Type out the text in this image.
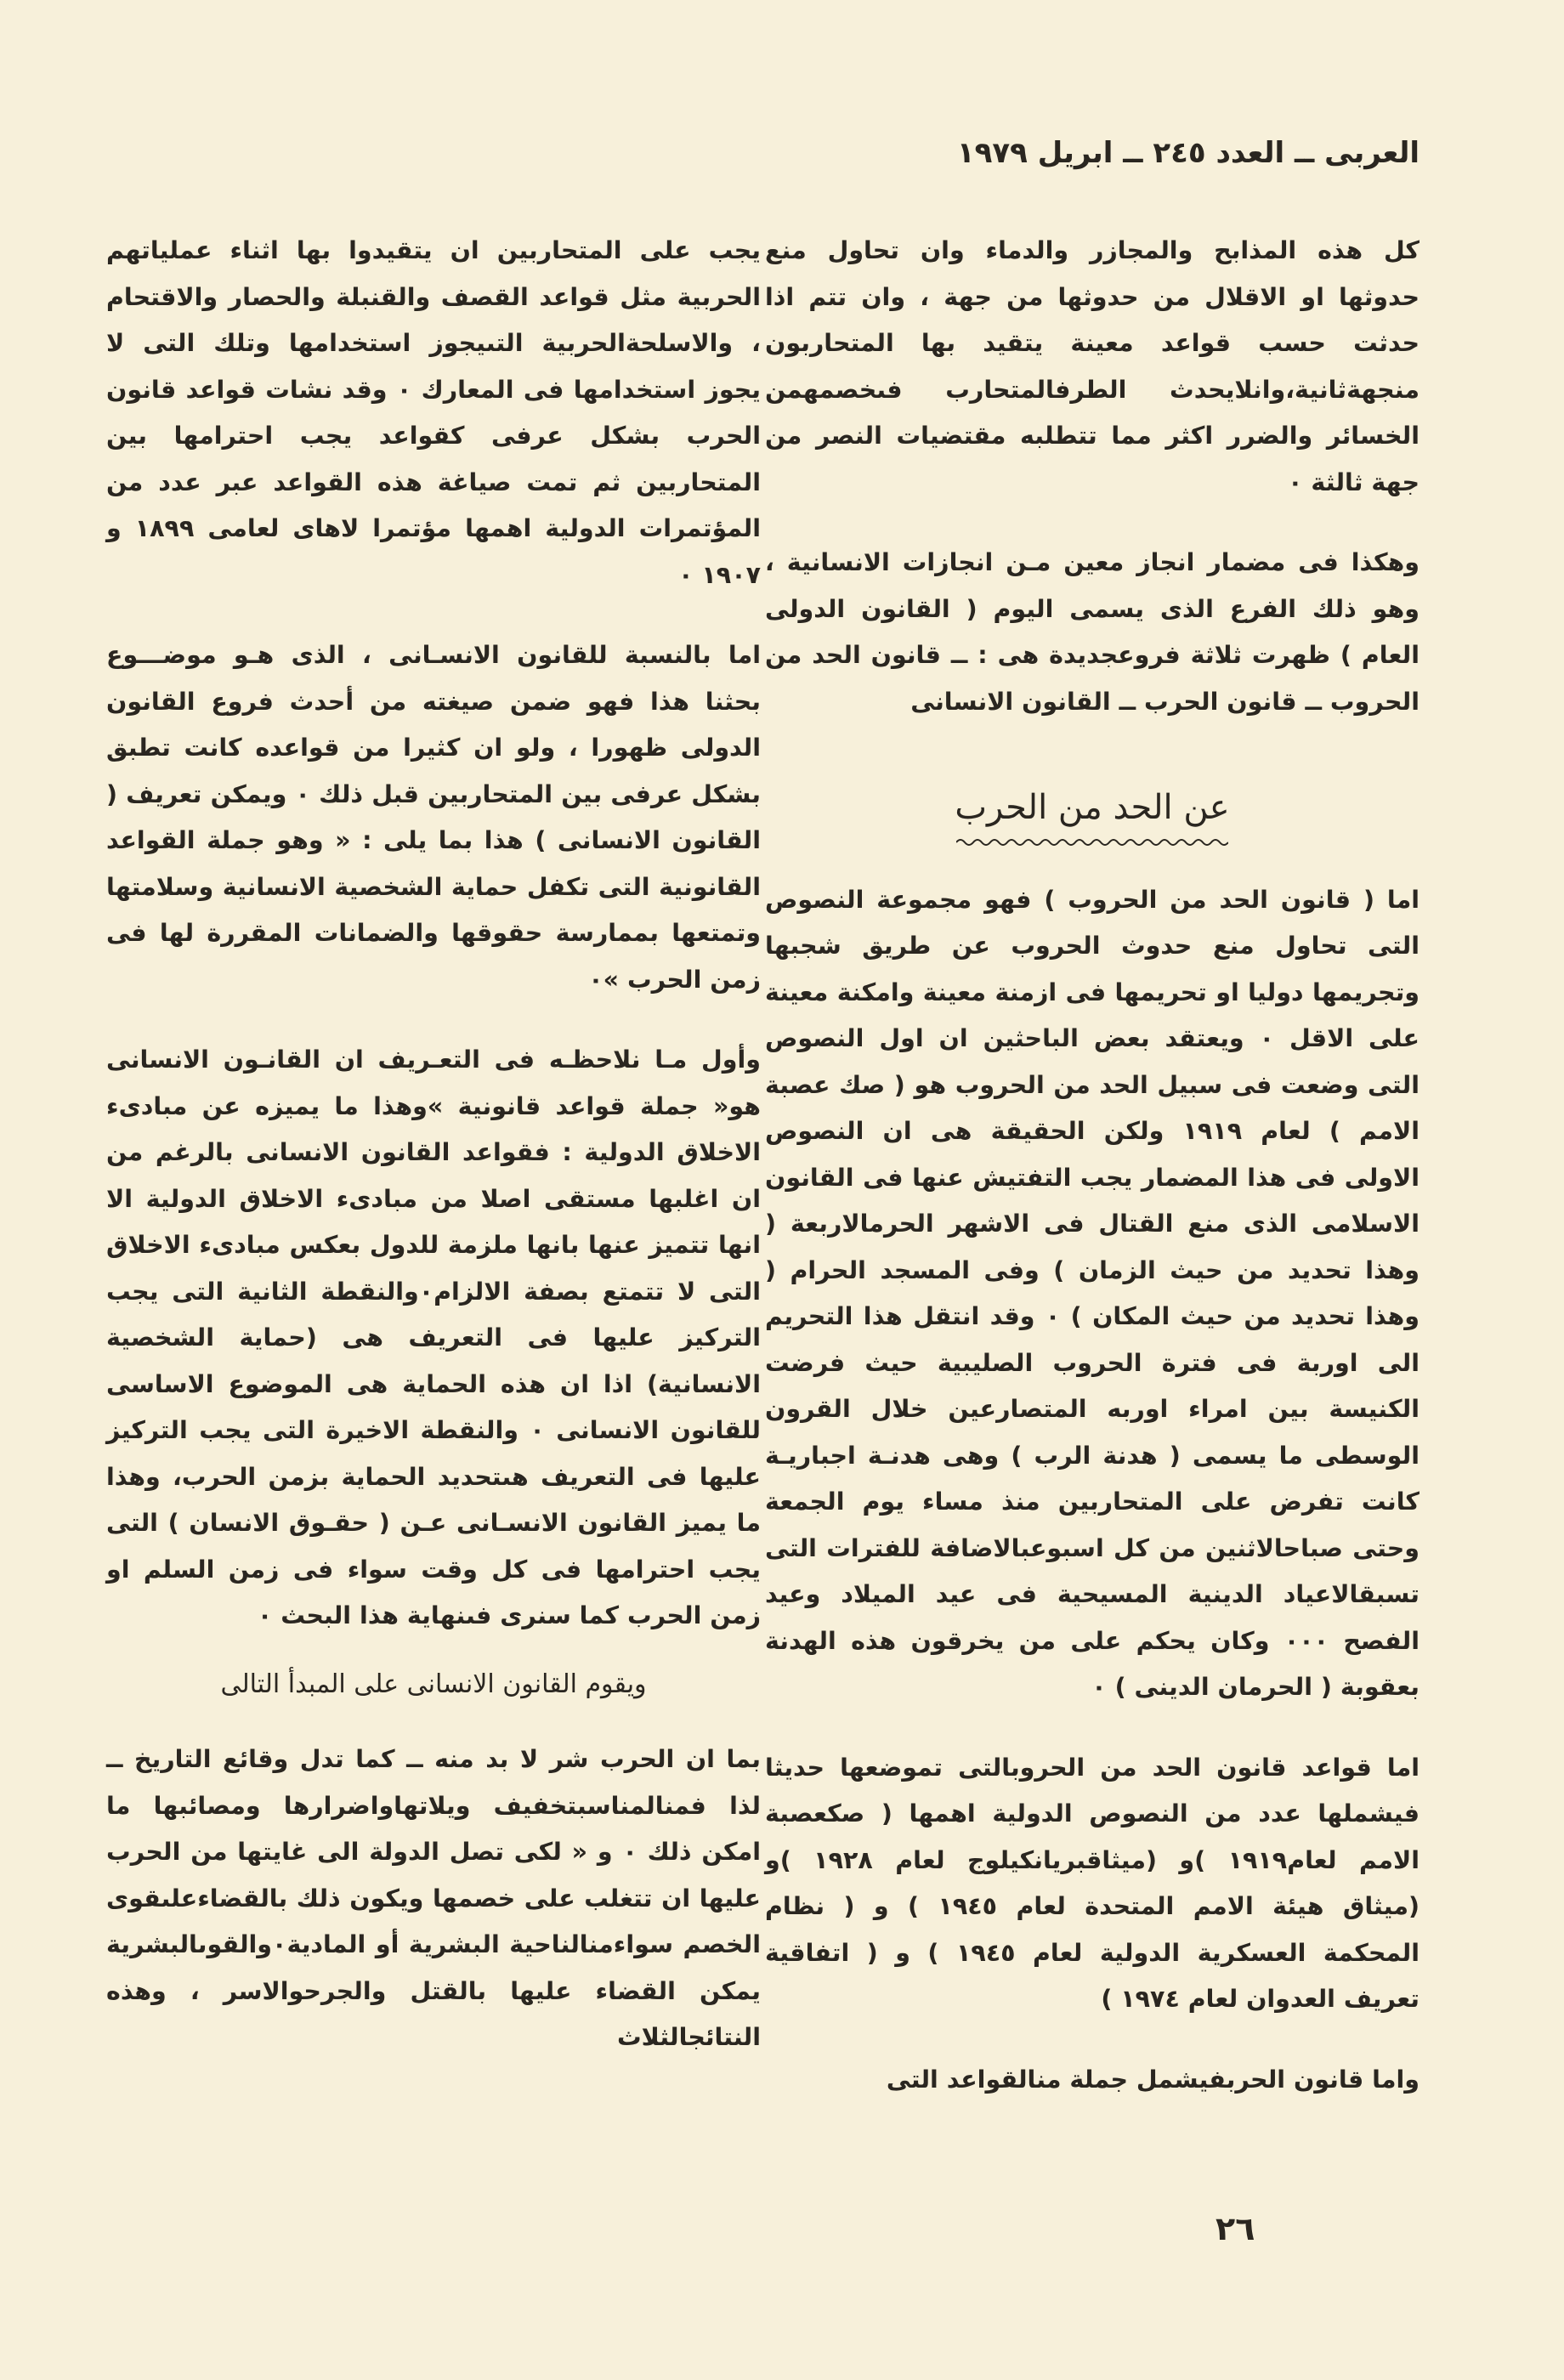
العربى ــ العدد ٢٤٥ ــ ابريل ١٩٧٩

كل هذه المذابح والمجازر والدماء وان تحاول منع حدوثها او الاقلال من حدوثها من جهة ، وان تتم اذا حدثت حسب قواعد معينة يتقيد بها المتحاربون منجهةثانية،وانلايحدث الطرفالمتحارب فىخصمهمن الخسائر والضرر اكثر مما تتطلبه مقتضيات النصر من جهة ثالثة ٠

وهكذا فى مضمار انجاز معين مـن انجازات الانسانية ، وهو ذلك الفرع الذى يسمى اليوم ( القانون الدولى العام ) ظهرت ثلاثة فروعجديدة هى : ــ قانون الحد من الحروب ــ قانون الحرب ــ القانون الانسانى

عن الحد من الحرب

اما ( قانون الحد من الحروب ) فهو مجموعة النصوص التى تحاول منع حدوث الحروب عن طريق شجبها وتجريمها دوليا او تحريمها فى ازمنة معينة وامكنة معينة على الاقل ٠ ويعتقد بعض الباحثين ان اول النصوص التى وضعت فى سبيل الحد من الحروب هو ( صك عصبة الامم ) لعام ١٩١٩ ولكن الحقيقة هى ان النصوص الاولى فى هذا المضمار يجب التفتيش عنها فى القانون الاسلامى الذى منع القتال فى الاشهر الحرمالاربعة ( وهذا تحديد من حيث الزمان ) وفى المسجد الحرام ( وهذا تحديد من حيث المكان ) ٠ وقد انتقل هذا التحريم الى اوربة فى فترة الحروب الصليبية حيث فرضت الكنيسة بين امراء اوربه المتصارعين خلال القرون الوسطى ما يسمى ( هدنة الرب ) وهى هدنـة اجباريـة كانت تفرض على المتحاربين منذ مساء يوم الجمعة وحتى صباحالاثنين من كل اسبوعبالاضافة للفترات التى تسبقالاعياد الدينية المسيحية فى عيد الميلاد وعيد الفصح ٠٠٠ وكان يحكم على من يخرقون هذه الهدنة بعقوبة ( الحرمان الدينى ) ٠

اما قواعد قانون الحد من الحروبالتى تموضعها حديثا فيشملها عدد من النصوص الدولية اهمها ( صكعصبة الامم لعام١٩١٩ )و (ميثاقبريانكيلوج لعام ١٩٢٨ )و (ميثاق هيئة الامم المتحدة لعام ١٩٤٥ ) و ( نظام المحكمة العسكرية الدولية لعام ١٩٤٥ ) و ( اتفاقية تعريف العدوان لعام ١٩٧٤ )

واما قانون الحربفيشمل جملة منالقواعد التى

يجب على المتحاربين ان يتقيدوا بها اثناء عملياتهم الحربية مثل قواعد القصف والقنبلة والحصار والاقتحام ، والاسلحةالحربية التىيجوز استخدامها وتلك التى لا يجوز استخدامها فى المعارك ٠ وقد نشات قواعد قانون الحرب بشكل عرفى كقواعد يجب احترامها بين المتحاربين ثم تمت صياغة هذه القواعد عبر عدد من المؤتمرات الدولية اهمها مؤتمرا لاهاى لعامى ١٨٩٩ و ١٩٠٧ ٠

اما بالنسبة للقانون الانسـانى ، الذى هـو موضـــوع بحثنا هذا فهو ضمن صيغته من أحدث فروع القانون الدولى ظهورا ، ولو ان كثيرا من قواعده كانت تطبق بشكل عرفى بين المتحاربين قبل ذلك ٠ ويمكن تعريف ( القانون الانسانى ) هذا بما يلى : « وهو جملة القواعد القانونية التى تكفل حماية الشخصية الانسانية وسلامتها وتمتعها بممارسة حقوقها والضمانات المقررة لها فى زمن الحرب »٠

وأول مـا نلاحظـه فى التعـريف ان القانـون الانسانى هو« جملة قواعد قانونية »وهذا ما يميزه عن مبادىء الاخلاق الدولية : فقواعد القانون الانسانى بالرغم من ان اغلبها مستقى اصلا من مبادىء الاخلاق الدولية الا انها تتميز عنها بانها ملزمة للدول بعكس مبادىء الاخلاق التى لا تتمتع بصفة الالزام٠والنقطة الثانية التى يجب التركيز عليها فى التعريف هى (حماية الشخصية الانسانية) اذا ان هذه الحماية هى الموضوع الاساسى للقانون الانسانى ٠ والنقطة الاخيرة التى يجب التركيز عليها فى التعريف هىتحديد الحماية بزمن الحرب، وهذا ما يميز القانون الانسـانى عـن ( حقـوق الانسان ) التى يجب احترامها فى كل وقت سواء فى زمن السلم او زمن الحرب كما سنرى فىنهاية هذا البحث ٠

ويقوم القانون الانسانى على المبدأ التالى

بما ان الحرب شر لا بد منه ــ كما تدل وقائع التاريخ ــ لذا فمنالمناسبتخفيف ويلاتهاواضرارها ومصائبها ما امكن ذلك ٠ و « لكى تصل الدولة الى غايتها من الحرب عليها ان تتغلب على خصمها ويكون ذلك بالقضاءعلىقوى الخصم سواءمنالناحية البشرية أو المادية٠والقوىالبشرية يمكن القضاء عليها بالقتل والجرحوالاسر ، وهذه النتائجالثلاث

٢٦
